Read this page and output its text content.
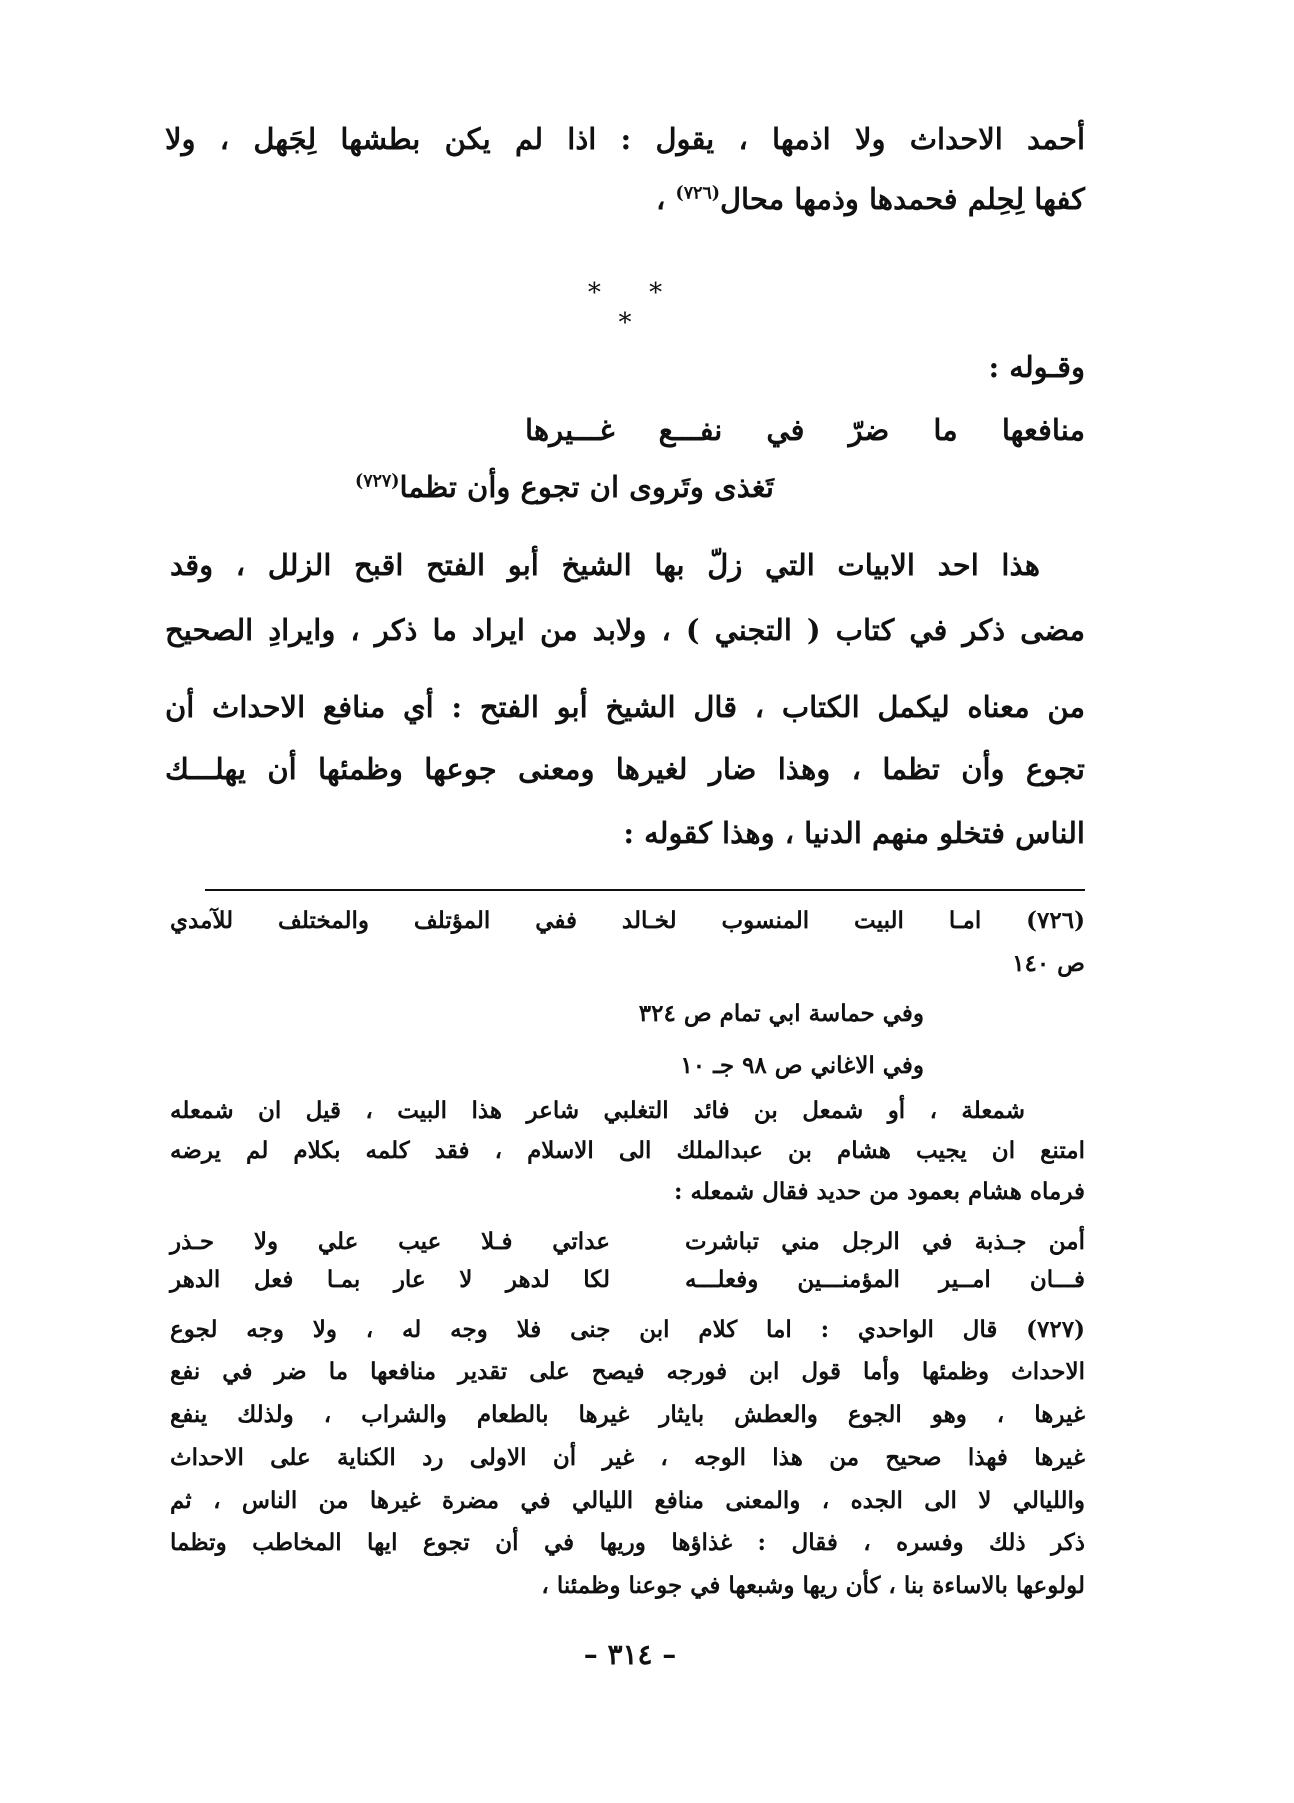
أحمد الاحداث ولا اذمها ، يقول : اذا لم يكن بطشها لِجَهل ، ولا
كفها لِحِلم فحمدها وذمها محال$^{(٧٢٦)}$ ،
* * *
وقـوله :
منافعها ما ضرّ في نفـــع غـــيرها
تَغذى وتَروى ان تجوع وأن تظما$^{(٧٢٧)}$
هذا احد الابيات التي زلّ بها الشيخ أبو الفتح اقبح الزلل ، وقد
مضى ذكر في كتاب ( التجني ) ، ولابد من ايراد ما ذكر ، وايرادِ الصحيح
من معناه ليكمل الكتاب ، قال الشيخ أبو الفتح : أي منافع الاحداث أن
تجوع وأن تظما ، وهذا ضار لغيرها ومعنى جوعها وظمئها أن يهلـــك
الناس فتخلو منهم الدنيا ، وهذا كقوله :
(٧٢٦) امـا البيت المنسوب لخـالد ففي المؤتلف والمختلف للآمدي
ص ١٤٠
وفي حماسة ابي تمام ص ٣٢٤
وفي الاغاني ص ٩٨ جـ ١٠
شمعلة ، أو شمعل بن فائد التغلبي شاعر هذا البيت ، قيل ان شمعله
امتنع ان يجيب هشام بن عبدالملك الى الاسلام ، فقد كلمه بكلام لم يرضه
فرماه هشام بعمود من حديد فقال شمعله :
أمن جـذبة في الرجل مني تباشرت
عداتي فـلا عيب علي ولا حـذر
فـــان امــير المؤمنـــين وفعلـــه
لكا لدهر لا عار بمـا فعل الدهر
(٧٢٧) قال الواحدي : اما كلام ابن جنى فلا وجه له ، ولا وجه لجوع
الاحداث وظمئها وأما قول ابن فورجه فيصح على تقدير منافعها ما ضر في نفع
غيرها ، وهو الجوع والعطش بايثار غيرها بالطعام والشراب ، ولذلك ينفع
غيرها فهذا صحيح من هذا الوجه ، غير أن الاولى رد الكناية على الاحداث
والليالي لا الى الجده ، والمعنى منافع الليالي في مضرة غيرها من الناس ، ثم
ذكر ذلك وفسره ، فقال : غذاؤها وريها في أن تجوع ايها المخاطب وتظما
لولوعها بالاساءة بنا ، كأن ريها وشبعها في جوعنا وظمئنا ،
– ٣١٤ –
